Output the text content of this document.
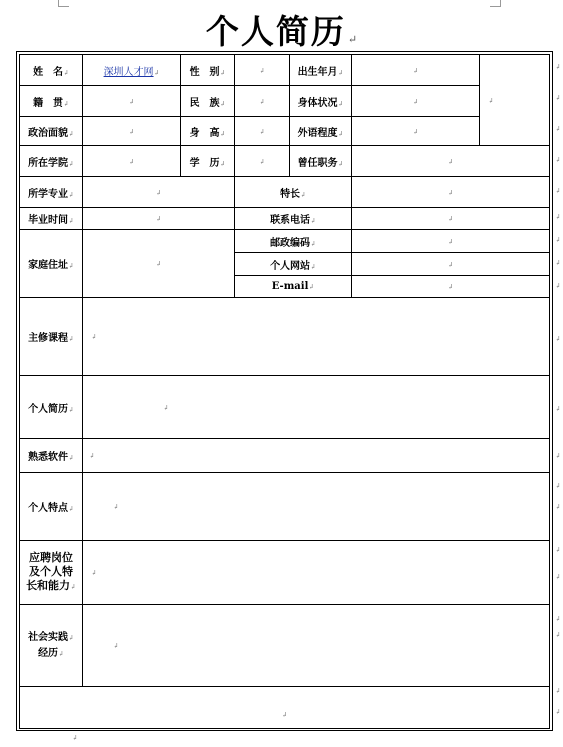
个人简历 ↵
姓　名↲	深圳人才网↲	性　别↲	↲	出生年月↲	↲	↲
籍　贯↲	↲	民　族↲	↲	身体状况↲	↲	
政治面貌↲	↲	身　高↲	↲	外语程度↲	↲	
所在学院↲	↲	学　历↲	↲	曾任职务↲	↲	
所学专业↲	↲		特长↲		↲	
毕业时间↲	↲		联系电话↲		↲	
家庭住址↲	↲		邮政编码↲		↲	
			个人网站↲		↲	
			E-mail↲		↲	
主修课程↲	↲					
个人简历↲	↲					
熟悉软件↲	↲					
个人特点↲	↲					
应聘岗位
及个人特
长和能力↲	↲					
社会实践↲
经历↲	↲					
↲						
↲
↲
↲
↲
↲
↲
↲
↲
↲
↲
↲
↲
↲
↲
↲
↲
↲
↲
↲
↲
↲
